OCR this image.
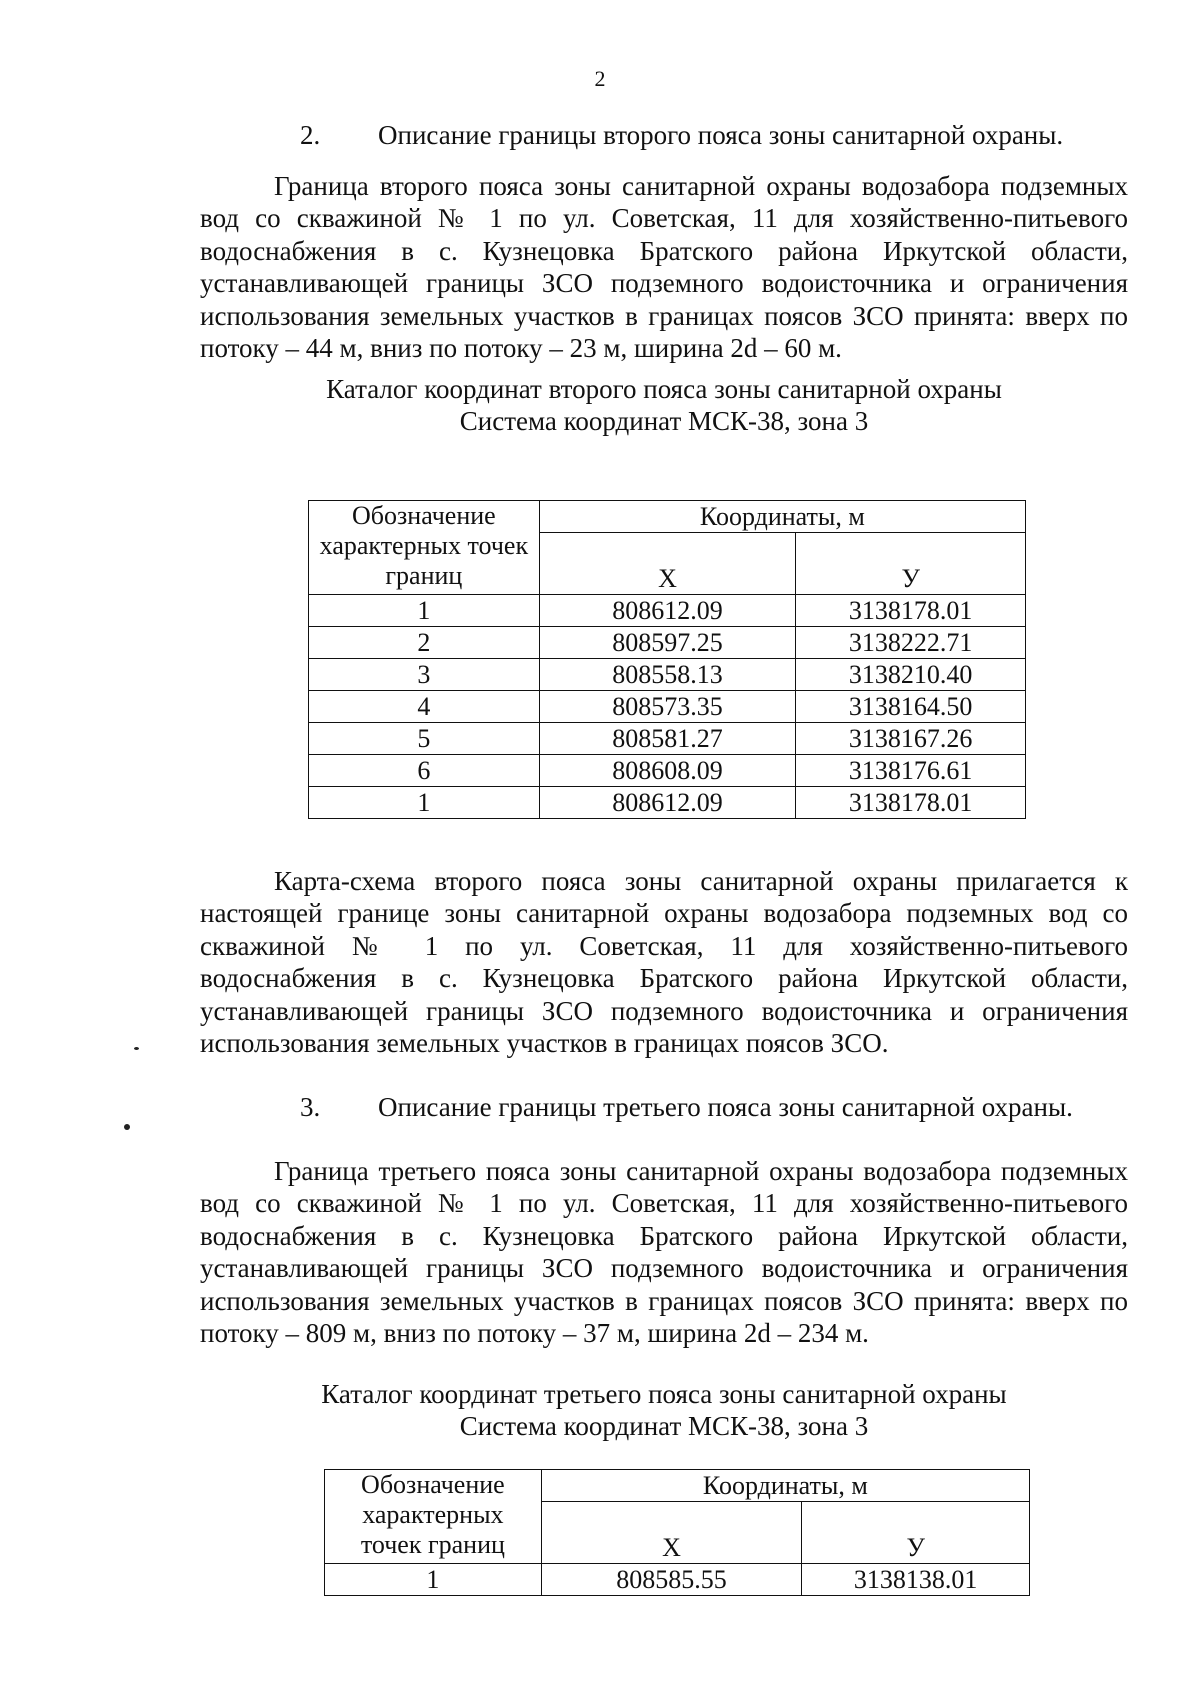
2
2. Описание границы второго пояса зоны санитарной охраны.

Граница второго пояса зоны санитарной охраны водозабора подземных вод со скважиной № 1 по ул. Советская, 11 для хозяйственно-питьевого водоснабжения в с. Кузнецовка Братского района Иркутской области, устанавливающей границы ЗСО подземного водоисточника и ограничения использования земельных участков в границах поясов ЗСО принята: вверх по потоку – 44 м, вниз по потоку – 23 м, ширина 2d – 60 м.

Каталог координат второго пояса зоны санитарной охраны
Система координат МСК-38, зона 3
Обозначение характерных точек границ	Координаты, м	
	Х	У
1	808612.09	3138178.01
2	808597.25	3138222.71
3	808558.13	3138210.40
4	808573.35	3138164.50
5	808581.27	3138167.26
6	808608.09	3138176.61
1	808612.09	3138178.01

Карта-схема второго пояса зоны санитарной охраны прилагается к настоящей границе зоны санитарной охраны водозабора подземных вод со скважиной № 1 по ул. Советская, 11 для хозяйственно-питьевого водоснабжения в с. Кузнецовка Братского района Иркутской области, устанавливающей границы ЗСО подземного водоисточника и ограничения использования земельных участков в границах поясов ЗСО.

3. Описание границы третьего пояса зоны санитарной охраны.

Граница третьего пояса зоны санитарной охраны водозабора подземных вод со скважиной № 1 по ул. Советская, 11 для хозяйственно-питьевого водоснабжения в с. Кузнецовка Братского района Иркутской области, устанавливающей границы ЗСО подземного водоисточника и ограничения использования земельных участков в границах поясов ЗСО принята: вверх по потоку – 809 м, вниз по потоку – 37 м, ширина 2d – 234 м.

Каталог координат третьего пояса зоны санитарной охраны
Система координат МСК-38, зона 3
Обозначение характерных точек границ	Координаты, м	
	Х	У
1	808585.55	3138138.01
